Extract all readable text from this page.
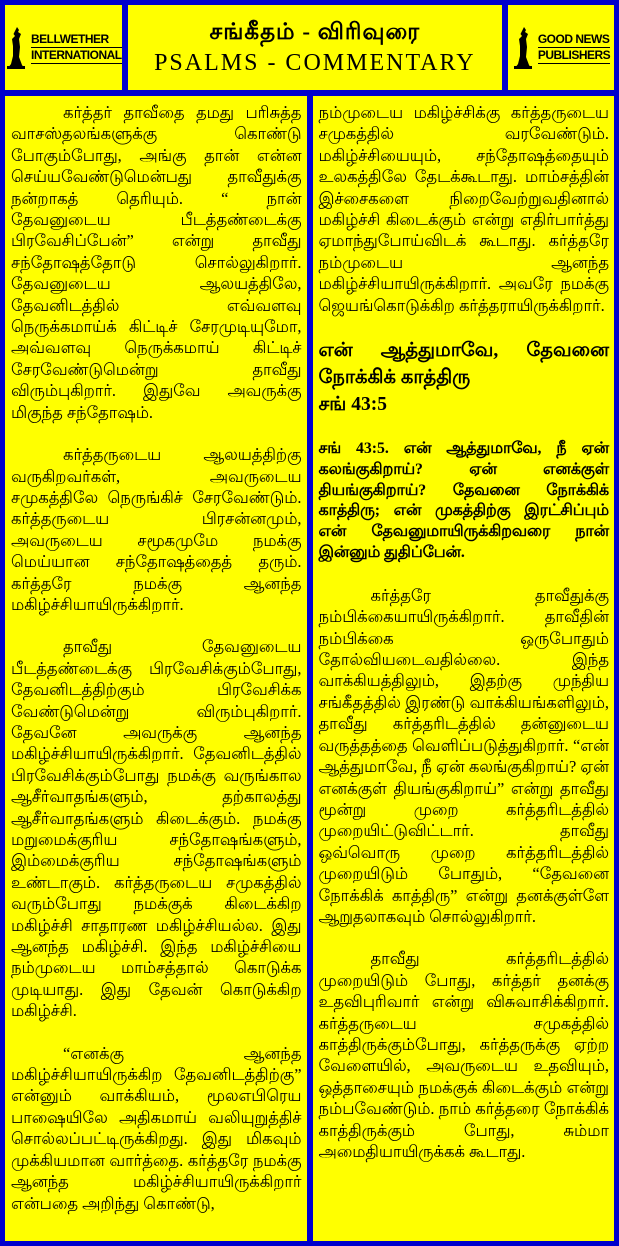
BELLWETHER
INTERNATIONAL
சங்கீதம் - விரிவுரை
PSALMS - COMMENTARY
GOOD NEWS
PUBLISHERS

கர்த்தர் தாவீதை தமது பரிசுத்த வாசஸ்தலங்களுக்கு கொண்டு போகும்போது, அங்கு தான் என்ன செய்யவேண்டுமென்பது தாவீதுக்கு நன்றாகத் தெரியும். “ நான் தேவனுடைய பீடத்தண்டைக்கு பிரவேசிப்பேன்” என்று தாவீது சந்தோஷத்தோடு சொல்லுகிறார். தேவனுடைய ஆலயத்திலே, தேவனிடத்தில் எவ்வளவு நெருக்கமாய்க் கிட்டிச் சேரமுடியுமோ, அவ்வளவு நெருக்கமாய் கிட்டிச் சேரவேண்டுமென்று தாவீது விரும்புகிறார். இதுவே அவருக்கு மிகுந்த சந்தோஷம்.

கர்த்தருடைய ஆலயத்திற்கு வருகிறவர்கள், அவருடைய சமுகத்திலே நெருங்கிச் சேரவேண்டும். கர்த்தருடைய பிரசன்னமும், அவருடைய சமூகமுமே நமக்கு மெய்யான சந்தோஷத்தைத் தரும். கர்த்தரே நமக்கு ஆனந்த மகிழ்ச்சியாயிருக்கிறார்.

தாவீது தேவனுடைய பீடத்தண்டைக்கு பிரவேசிக்கும்போது, தேவனிடத்திற்கும் பிரவேசிக்க வேண்டுமென்று விரும்புகிறார். தேவனே அவருக்கு ஆனந்த மகிழ்ச்சியாயிருக்கிறார். தேவனிடத்தில் பிரவேசிக்கும்போது நமக்கு வருங்கால ஆசீர்வாதங்களும், தற்காலத்து ஆசீர்வாதங்களும் கிடைக்கும். நமக்கு மறுமைக்குரிய சந்தோஷங்களும், இம்மைக்குரிய சந்தோஷங்களும் உண்டாகும். கர்த்தருடைய சமுகத்தில் வரும்போது நமக்குக் கிடைக்கிற மகிழ்ச்சி சாதாரண மகிழ்ச்சியல்ல. இது ஆனந்த மகிழ்ச்சி. இந்த மகிழ்ச்சியை நம்முடைய மாம்சத்தால் கொடுக்க முடியாது. இது தேவன் கொடுக்கிற மகிழ்ச்சி.

“எனக்கு ஆனந்த மகிழ்ச்சியாயிருக்கிற தேவனிடத்திற்கு” என்னும் வாக்கியம், மூலஎபிரெய பாஷையிலே அதிகமாய் வலியுறுத்திச் சொல்லப்பட்டிருக்கிறது. இது மிகவும் முக்கியமான வார்த்தை. கர்த்தரே நமக்கு ஆனந்த மகிழ்ச்சியாயிருக்கிறார் என்பதை அறிந்து கொண்டு,

நம்முடைய மகிழ்ச்சிக்கு கர்த்தருடைய சமுகத்தில் வரவேண்டும். மகிழ்ச்சியையும், சந்தோஷத்தையும் உலகத்திலே தேடக்கூடாது. மாம்சத்தின் இச்சைகளை நிறைவேற்றுவதினால் மகிழ்ச்சி கிடைக்கும் என்று எதிர்பார்த்து ஏமாந்துபோய்விடக் கூடாது. கர்த்தரே நம்முடைய ஆனந்த மகிழ்ச்சியாயிருக்கிறார். அவரே நமக்கு ஜெயங்கொடுக்கிற கர்த்தராயிருக்கிறார்.

என் ஆத்துமாவே, தேவனை நோக்கிக் காத்திரு
சங் 43:5

சங் 43:5. என் ஆத்துமாவே, நீ ஏன் கலங்குகிறாய்? ஏன் எனக்குள் தியங்குகிறாய்? தேவனை நோக்கிக் காத்திரு; என் முகத்திற்கு இரட்சிப்பும் என் தேவனுமாயிருக்கிறவரை நான் இன்னும் துதிப்பேன்.

கர்த்தரே தாவீதுக்கு நம்பிக்கையாயிருக்கிறார். தாவீதின் நம்பிக்கை ஒருபோதும் தோல்வியடைவதில்லை. இந்த வாக்கியத்திலும், இதற்கு முந்திய சங்கீதத்தில் இரண்டு வாக்கியங்களிலும், தாவீது கர்த்தரிடத்தில் தன்னுடைய வருத்தத்தை வெளிப்படுத்துகிறார். “என் ஆத்துமாவே, நீ ஏன் கலங்குகிறாய்? ஏன் எனக்குள் தியங்குகிறாய்” என்று தாவீது மூன்று முறை கர்த்தரிடத்தில் முறையிட்டுவிட்டார். தாவீது ஒவ்வொரு முறை கர்த்தரிடத்தில் முறையிடும் போதும், “தேவனை நோக்கிக் காத்திரு” என்று தனக்குள்ளே ஆறுதலாகவும் சொல்லுகிறார்.

தாவீது கர்த்தரிடத்தில் முறையிடும் போது, கர்த்தர் தனக்கு உதவிபுரிவார் என்று விசுவாசிக்கிறார். கர்த்தருடைய சமுகத்தில் காத்திருக்கும்போது, கர்த்தருக்கு ஏற்ற வேளையில், அவருடைய உதவியும், ஒத்தாசையும் நமக்குக் கிடைக்கும் என்று நம்பவேண்டும். நாம் கர்த்தரை நோக்கிக் காத்திருக்கும் போது, சும்மா அமைதியாயிருக்கக் கூடாது.
